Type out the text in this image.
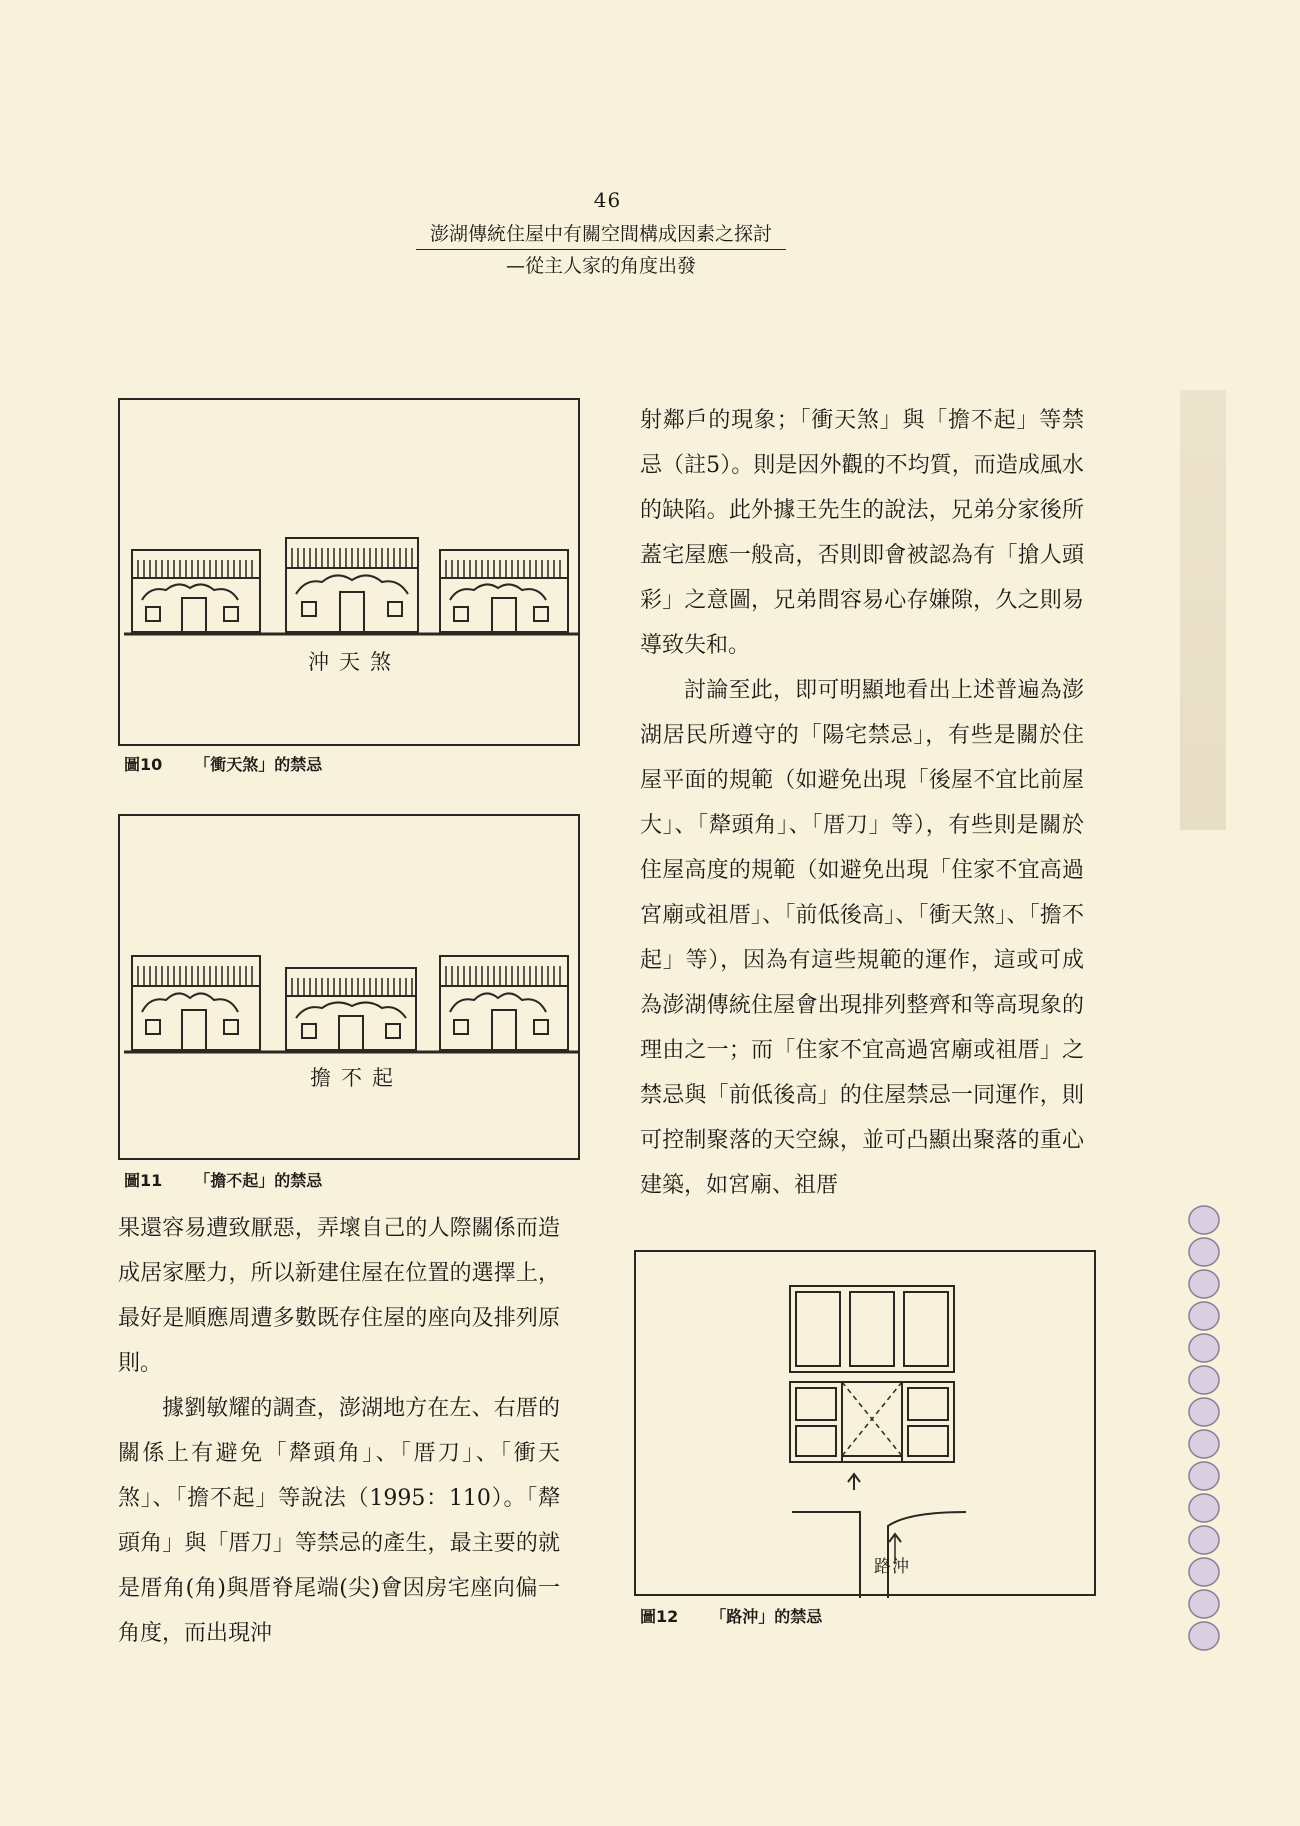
46
澎湖傳統住屋中有關空間構成因素之探討
—從主人家的角度出發
沖天煞
圖10 「衝天煞」的禁忌
擔不起
圖11 「擔不起」的禁忌
路沖
圖12 「路沖」的禁忌

果還容易遭致厭惡，弄壞自己的人際關係而造成居家壓力，所以新建住屋在位置的選擇上，最好是順應周遭多數既存住屋的座向及排列原則。

據劉敏耀的調查，澎湖地方在左、右厝的關係上有避免「犛頭角」、「厝刀」、「衝天煞」、「擔不起」等說法（1995：110）。「犛頭角」與「厝刀」等禁忌的產生，最主要的就是厝角(角)與厝脊尾端(尖)會因房宅座向偏一角度，而出現沖

射鄰戶的現象；「衝天煞」與「擔不起」等禁忌（註5）。則是因外觀的不均質，而造成風水的缺陷。此外據王先生的說法，兄弟分家後所蓋宅屋應一般高，否則即會被認為有「搶人頭彩」之意圖，兄弟間容易心存嫌隙，久之則易導致失和。

討論至此，即可明顯地看出上述普遍為澎湖居民所遵守的「陽宅禁忌」，有些是關於住屋平面的規範（如避免出現「後屋不宜比前屋大」、「犛頭角」、「厝刀」等），有些則是關於住屋高度的規範（如避免出現「住家不宜高過宮廟或祖厝」、「前低後高」、「衝天煞」、「擔不起」等），因為有這些規範的運作，這或可成為澎湖傳統住屋會出現排列整齊和等高現象的理由之一；而「住家不宜高過宮廟或祖厝」之禁忌與「前低後高」的住屋禁忌一同運作，則可控制聚落的天空線，並可凸顯出聚落的重心建築，如宮廟、祖厝
